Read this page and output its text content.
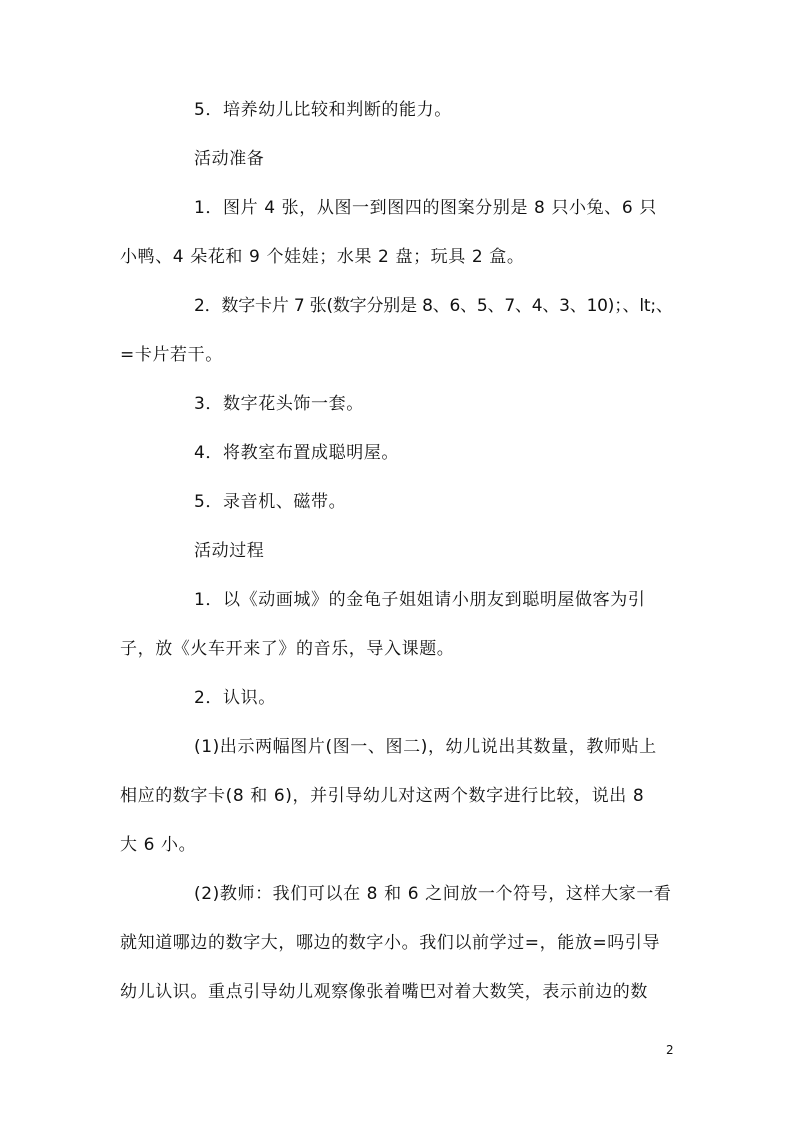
5．培养幼儿比较和判断的能力。
活动准备
1．图片 4 张，从图一到图四的图案分别是 8 只小兔、6 只
小鸭、4 朵花和 9 个娃娃；水果 2 盘；玩具 2 盒。
2．数字卡片 7 张(数字分别是 8、6、5、7、4、3、10)；、lt;、
=卡片若干。
3．数字花头饰一套。
4．将教室布置成聪明屋。
5．录音机、磁带。
活动过程
1．以《动画城》的金龟子姐姐请小朋友到聪明屋做客为引
子，放《火车开来了》的音乐，导入课题。
2．认识。
(1)出示两幅图片(图一、图二)，幼儿说出其数量，教师贴上
相应的数字卡(8 和 6)，并引导幼儿对这两个数字进行比较，说出 8
大 6 小。
(2)教师：我们可以在 8 和 6 之间放一个符号，这样大家一看
就知道哪边的数字大，哪边的数字小。我们以前学过=，能放=吗引导
幼儿认识。重点引导幼儿观察像张着嘴巴对着大数笑，表示前边的数
2
